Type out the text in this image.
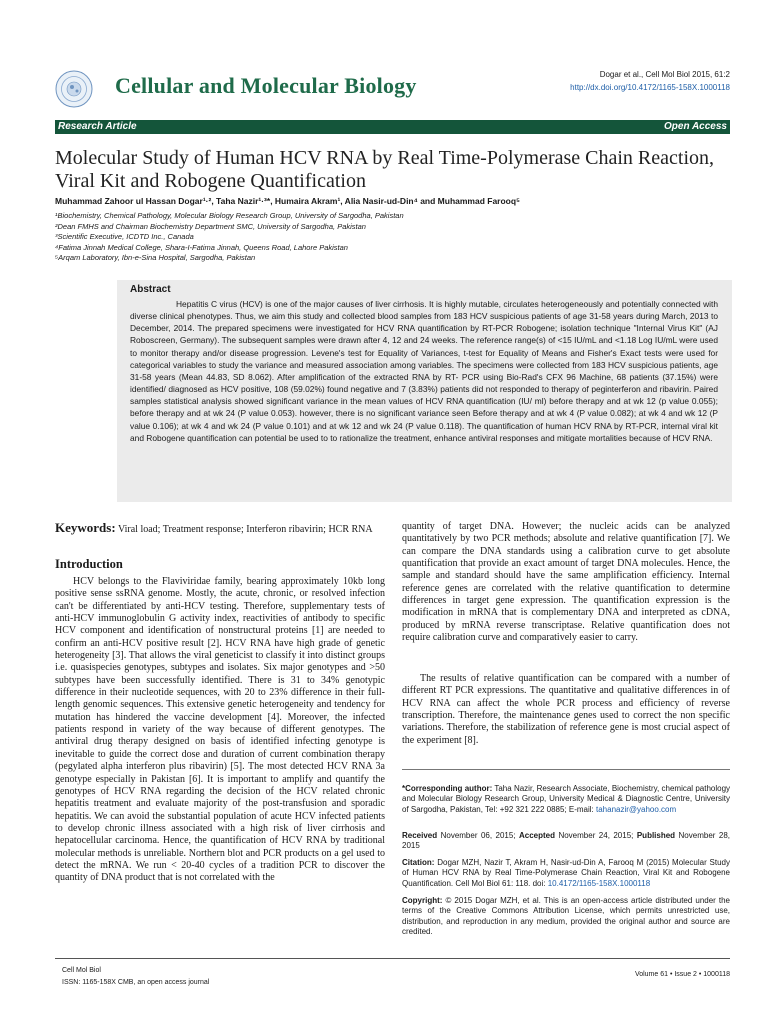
Cellular and Molecular Biology	Dogar et al., Cell Mol Biol 2015, 61:2
http://dx.doi.org/10.4172/1165-158X.1000118
Research Article	Open Access
Molecular Study of Human HCV RNA by Real Time-Polymerase Chain Reaction, Viral Kit and Robogene Quantification
Muhammad Zahoor ul Hassan Dogar¹·², Taha Nazir¹·³*, Humaira Akram¹, Alia Nasir-ud-Din⁴ and Muhammad Farooq⁵
¹Biochemistry, Chemical Pathology, Molecular Biology Research Group, University of Sargodha, Pakistan
²Dean FMHS and Chairman Biochemistry Department SMC, University of Sargodha, Pakistan
³Scientific Executive, ICDTD Inc., Canada
⁴Fatima Jinnah Medical College, Shara-I-Fatima Jinnah, Queens Road, Lahore Pakistan
⁵Arqam Laboratory, Ibn-e-Sina Hospital, Sargodha, Pakistan
Abstract
Hepatitis C virus (HCV) is one of the major causes of liver cirrhosis. It is highly mutable, circulates heterogeneously and potentially connected with diverse clinical phenotypes. Thus, we aim this study and collected blood samples from 183 HCV suspicious patients of age 31-58 years during March, 2013 to December, 2014. The prepared specimens were investigated for HCV RNA quantification by RT-PCR Robogene; isolation technique "Internal Virus Kit" (AJ Roboscreen, Germany). The subsequent samples were drawn after 4, 12 and 24 weeks. The reference range(s) of <15 IU/mL and <1.18 Log IU/mL were used to monitor therapy and/or disease progression. Levene's test for Equality of Variances, t-test for Equality of Means and Fisher's Exact tests were used for categorical variables to study the variance and measured association among variables. The specimens were collected from 183 HCV suspicious patients, age 31-58 years (Mean 44.83, SD 8.062). After amplification of the extracted RNA by RT- PCR using Bio-Rad's CFX 96 Machine, 68 patients (37.15%) were identified/ diagnosed as HCV positive, 108 (59.02%) found negative and 7 (3.83%) patients did not responded to therapy of peginterferon and ribavirin. Paired samples statistical analysis showed significant variance in the mean values of HCV RNA quantification (IU/ ml) before therapy and at wk 12 (p value 0.055); before therapy and at wk 24 (P value 0.053). however, there is no significant variance seen Before therapy and at wk 4 (P value 0.082); at wk 4 and wk 12 (P value 0.106); at wk 4 and wk 24 (P value 0.101) and at wk 12 and wk 24 (P value 0.118). The quantification of human HCV RNA by RT-PCR, internal viral kit and Robogene quantification can potential be used to to rationalize the treatment, enhance antiviral responses and mitigate mortalities because of HCV RNA.
Keywords: Viral load; Treatment response; Interferon ribavirin; HCR RNA
Introduction
HCV belongs to the Flaviviridae family, bearing approximately 10kb long positive sense ssRNA genome. Mostly, the acute, chronic, or resolved infection can't be differentiated by anti-HCV testing. Therefore, supplementary tests of anti-HCV immunoglobulin G activity index, reactivities of antibody to specific HCV component and identification of nonstructural proteins [1] are needed to confirm an anti-HCV positive result [2]. HCV RNA have high grade of genetic heterogeneity [3]. That allows the viral geneticist to classify it into distinct groups i.e. quasispecies genotypes, subtypes and isolates. Six major genotypes and >50 subtypes have been successfully identified. There is 31 to 34% genotypic difference in their nucleotide sequences, with 20 to 23% difference in their full-length genomic sequences. This extensive genetic heterogeneity and tendency for mutation has hindered the vaccine development [4]. Moreover, the infected patients respond in variety of the way because of different genotypes. The antiviral drug therapy designed on basis of identified infecting genotype is inevitable to guide the correct dose and duration of current combination therapy (pegylated alpha interferon plus ribavirin) [5]. The most detected HCV RNA 3a genotype especially in Pakistan [6]. It is important to amplify and quantify the genotypes of HCV RNA regarding the decision of the HCV related chronic hepatitis treatment and evaluate majority of the post-transfusion and sporadic hepatitis. We can avoid the substantial population of acute HCV infected patients to develop chronic illness associated with a high risk of liver cirrhosis and hepatocellular carcinoma. Hence, the quantification of HCV RNA by traditional molecular methods is unreliable. Northern blot and PCR products on a gel used to detect the mRNA. We run < 20-40 cycles of a tradition PCR to discover the quantity of DNA product that is not correlated with the
quantity of target DNA. However; the nucleic acids can be analyzed quantitatively by two PCR methods; absolute and relative quantification [7]. We can compare the DNA standards using a calibration curve to get absolute quantification that provide an exact amount of target DNA molecules. Hence, the sample and standard should have the same amplification efficiency. Internal reference genes are correlated with the relative quantification to determine differences in target gene expression. The quantification expression is the modification in mRNA that is complementary DNA and interpreted as cDNA, produced by mRNA reverse transcriptase. Relative quantification does not require calibration curve and comparatively easier to carry.
The results of relative quantification can be compared with a number of different RT PCR expressions. The quantitative and qualitative differences in of HCV RNA can affect the whole PCR process and efficiency of reverse transcription. Therefore, the maintenance genes used to correct the non specific variations. Therefore, the stabilization of reference gene is most crucial aspect of the experiment [8].
*Corresponding author: Taha Nazir, Research Associate, Biochemistry, chemical pathology and Molecular Biology Research Group, University Medical & Diagnostic Centre, University of Sargodha, Pakistan, Tel: +92 321 222 0885; E-mail: tahanazir@yahoo.com
Received November 06, 2015; Accepted November 24, 2015; Published November 28, 2015
Citation: Dogar MZH, Nazir T, Akram H, Nasir-ud-Din A, Farooq M (2015) Molecular Study of Human HCV RNA by Real Time-Polymerase Chain Reaction, Viral Kit and Robogene Quantification. Cell Mol Biol 61: 118. doi: 10.4172/1165-158X.1000118
Copyright: © 2015 Dogar MZH, et al. This is an open-access article distributed under the terms of the Creative Commons Attribution License, which permits unrestricted use, distribution, and reproduction in any medium, provided the original author and source are credited.
Cell Mol Biol
ISSN: 1165-158X CMB, an open access journal
Volume 61 • Issue 2 • 1000118
